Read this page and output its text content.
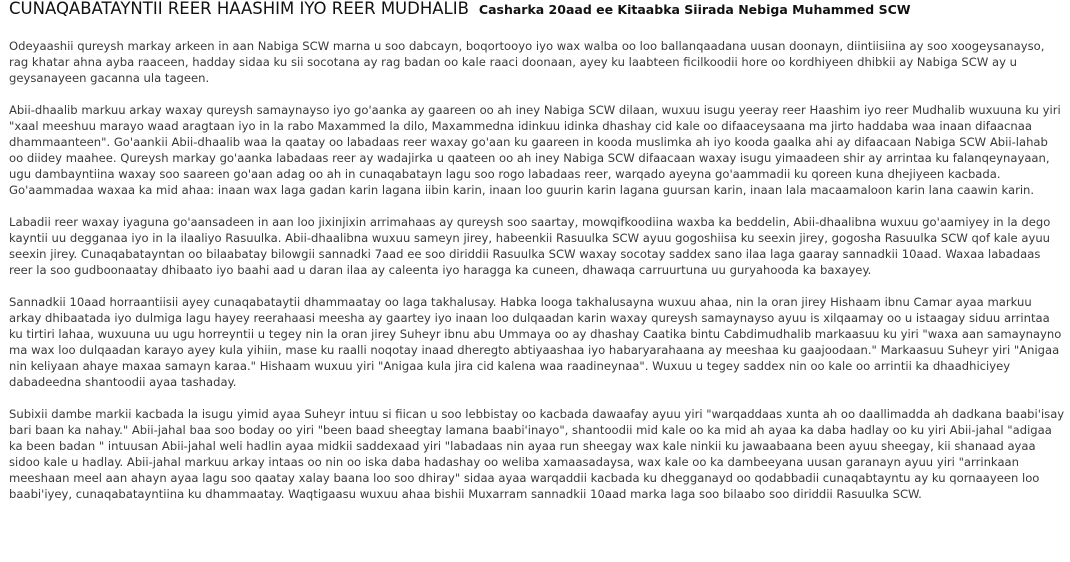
CUNAQABATAYNTII REER HAASHIM IYO REER MUDHALIB Casharka 20aad ee Kitaabka Siirada Nebiga Muhammed SCW

Odeyaashii qureysh markay arkeen in aan Nabiga SCW marna u soo dabcayn, boqortooyo iyo wax walba oo loo ballanqaadana uusan doonayn, diintiisiina ay soo xoogeysanayso, rag khatar ahna ayba raaceen, hadday sidaa ku sii socotana ay rag badan oo kale raaci doonaan, ayey ku laabteen ficilkoodii hore oo kordhiyeen dhibkii ay Nabiga SCW ay u geysanayeen gacanna ula tageen.

Abii-dhaalib markuu arkay waxay qureysh samaynayso iyo go'aanka ay gaareen oo ah iney Nabiga SCW dilaan, wuxuu isugu yeeray reer Haashim iyo reer Mudhalib wuxuuna ku yiri "xaal meeshuu marayo waad aragtaan iyo in la rabo Maxammed la dilo, Maxammedna idinkuu idinka dhashay cid kale oo difaaceysaana ma jirto haddaba waa inaan difaacnaa dhammaanteen". Go'aankii Abii-dhaalib waa la qaatay oo labadaas reer waxay go'aan ku gaareen in kooda muslimka ah iyo kooda gaalka ahi ay difaacaan Nabiga SCW Abii-lahab oo diidey maahee. Qureysh markay go'aanka labadaas reer ay wadajirka u qaateen oo ah iney Nabiga SCW difaacaan waxay isugu yimaadeen shir ay arrintaa ku falanqeynayaan, ugu dambayntiina waxay soo saareen go'aan adag oo ah in cunaqabatayn lagu soo rogo labadaas reer, warqado ayeyna go'aammadii ku qoreen kuna dhejiyeen kacbada. Go'aammadaa waxaa ka mid ahaa: inaan wax laga gadan karin lagana iibin karin, inaan loo guurin karin lagana guursan karin, inaan lala macaamaloon karin lana caawin karin.

Labadii reer waxay iyaguna go'aansadeen in aan loo jixinjixin arrimahaas ay qureysh soo saartay, mowqifkoodiina waxba ka beddelin, Abii-dhaalibna wuxuu go'aamiyey in la dego kayntii uu degganaa iyo in la ilaaliyo Rasuulka. Abii-dhaalibna wuxuu sameyn jirey, habeenkii Rasuulka SCW ayuu gogoshiisa ku seexin jirey, gogosha Rasuulka SCW qof kale ayuu seexin jirey. Cunaqabatayntan oo bilaabatay bilowgii sannadki 7aad ee soo diriddii Rasuulka SCW waxay socotay saddex sano ilaa laga gaaray sannadkii 10aad. Waxaa labadaas reer la soo gudboonaatay dhibaato iyo baahi aad u daran ilaa ay caleenta iyo haragga ka cuneen, dhawaqa carruurtuna uu guryahooda ka baxayey.

Sannadkii 10aad horraantiisii ayey cunaqabataytii dhammaatay oo laga takhalusay. Habka looga takhalusayna wuxuu ahaa, nin la oran jirey Hishaam ibnu Camar ayaa markuu arkay dhibaatada iyo dulmiga lagu hayey reerahaasi meesha ay gaartey iyo inaan loo dulqaadan karin waxay qureysh samaynayso ayuu is xilqaamay oo u istaagay siduu arrintaa ku tirtiri lahaa, wuxuuna uu ugu horreyntii u tegey nin la oran jirey Suheyr ibnu abu Ummaya oo ay dhashay Caatika bintu Cabdimudhalib markaasuu ku yiri "waxa aan samaynayno ma wax loo dulqaadan karayo ayey kula yihiin, mase ku raalli noqotay inaad dheregto abtiyaashaa iyo habaryarahaana ay meeshaa ku gaajoodaan." Markaasuu Suheyr yiri "Anigaa nin keliyaan ahaye maxaa samayn karaa." Hishaam wuxuu yiri "Anigaa kula jira cid kalena waa raadineynaa". Wuxuu u tegey saddex nin oo kale oo arrintii ka dhaadhiciyey dabadeedna shantoodii ayaa tashaday.

Subixii dambe markii kacbada la isugu yimid ayaa Suheyr intuu si fiican u soo lebbistay oo kacbada dawaafay ayuu yiri "warqaddaas xunta ah oo daallimadda ah dadkana baabi'isay bari baan ka nahay." Abii-jahal baa soo boday oo yiri "been baad sheegtay lamana baabi'inayo", shantoodii mid kale oo ka mid ah ayaa ka daba hadlay oo ku yiri Abii-jahal "adigaa ka been badan " intuusan Abii-jahal weli hadlin ayaa midkii saddexaad yiri "labadaas nin ayaa run sheegay wax kale ninkii ku jawaabaana been ayuu sheegay, kii shanaad ayaa sidoo kale u hadlay. Abii-jahal markuu arkay intaas oo nin oo iska daba hadashay oo weliba xamaasadaysa, wax kale oo ka dambeeyana uusan garanayn ayuu yiri "arrinkaan meeshaan meel aan ahayn ayaa lagu soo qaatay xalay baana loo soo dhiray" sidaa ayaa warqaddii kacbada ku dhegganayd oo qodabbadii cunaqabtayntu ay ku qornaayeen loo baabi'iyey, cunaqabatayntiina ku dhammaatay. Waqtigaasu wuxuu ahaa bishii Muxarram sannadkii 10aad marka laga soo bilaabo soo diriddii Rasuulka SCW.
